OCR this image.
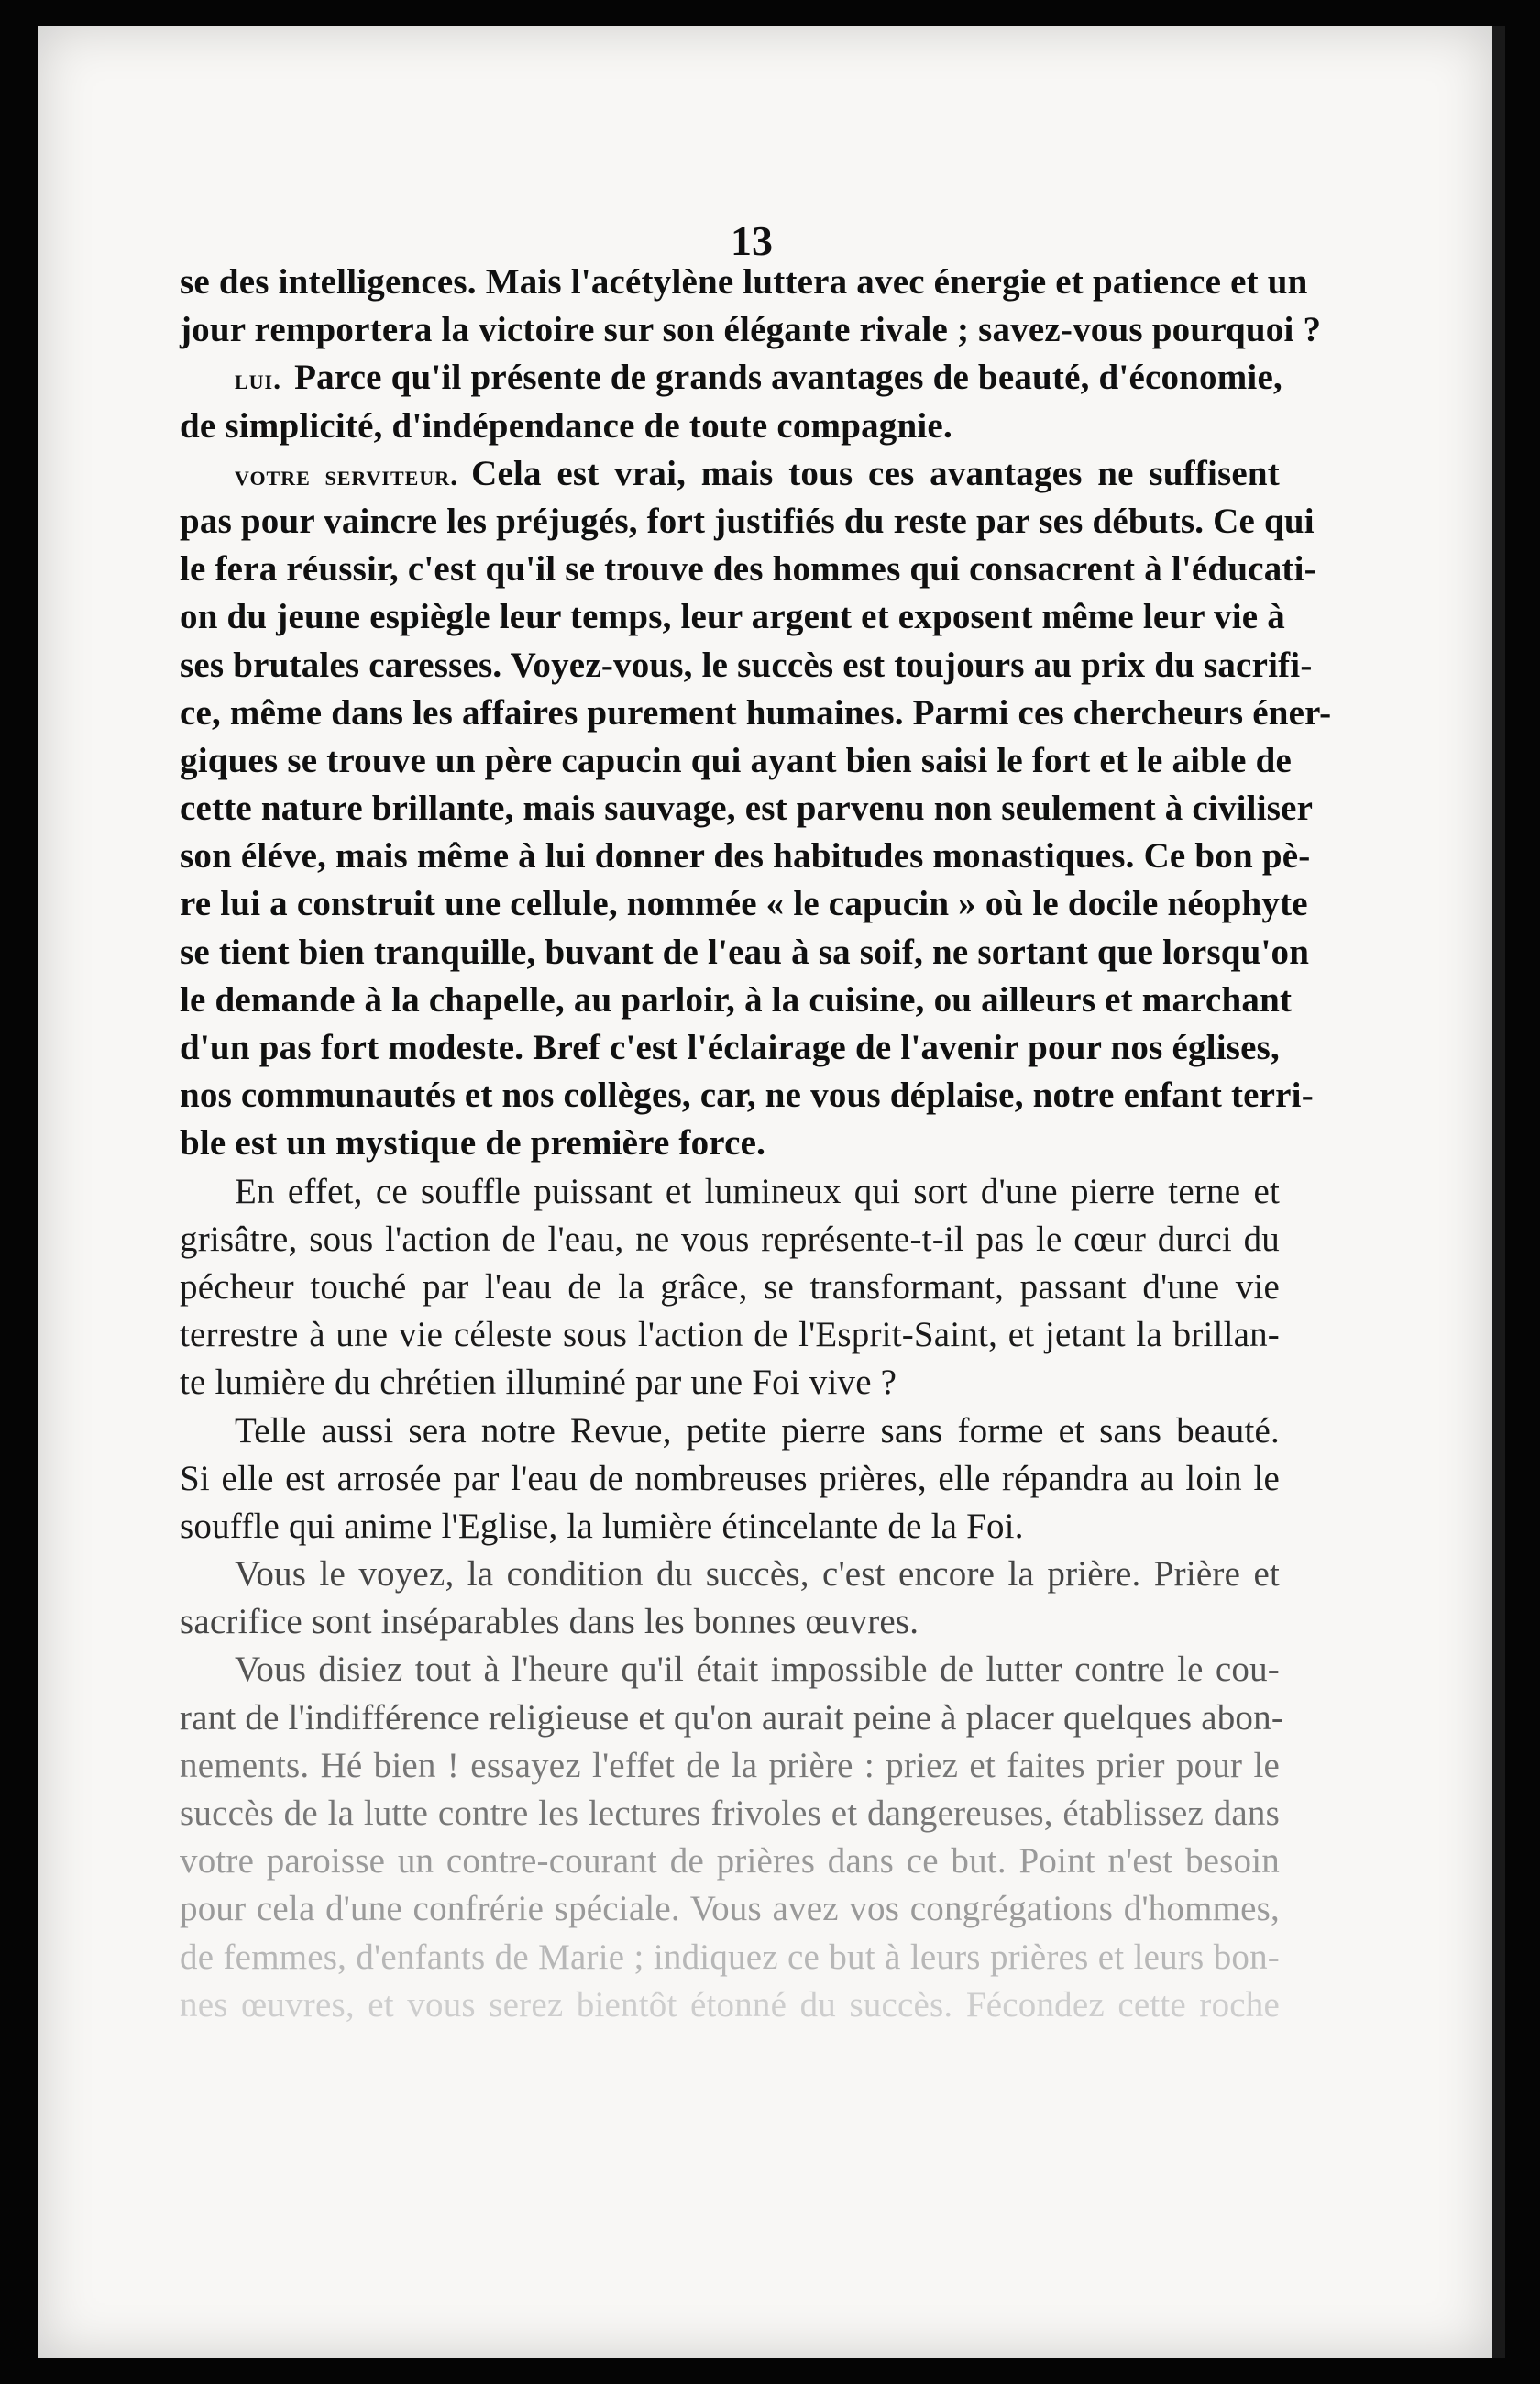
13
se des intelligences. Mais l'acétylène luttera avec énergie et patience et un
jour remportera la victoire sur son élégante rivale ; savez-vous pourquoi ?
lui. Parce qu'il présente de grands avantages de beauté, d'économie,
de simplicité, d'indépendance de toute compagnie.
votre serviteur. Cela est vrai, mais tous ces avantages ne suffisent
pas pour vaincre les préjugés, fort justifiés du reste par ses débuts. Ce qui
le fera réussir, c'est qu'il se trouve des hommes qui consacrent à l'éducati-
on du jeune espiègle leur temps, leur argent et exposent même leur vie à
ses brutales caresses. Voyez-vous, le succès est toujours au prix du sacrifi-
ce, même dans les affaires purement humaines. Parmi ces chercheurs éner-
giques se trouve un père capucin qui ayant bien saisi le fort et le aible de
cette nature brillante, mais sauvage, est parvenu non seulement à civiliser
son éléve, mais même à lui donner des habitudes monastiques. Ce bon pè-
re lui a construit une cellule, nommée « le capucin » où le docile néophyte
se tient bien tranquille, buvant de l'eau à sa soif, ne sortant que lorsqu'on
le demande à la chapelle, au parloir, à la cuisine, ou ailleurs et marchant
d'un pas fort modeste. Bref c'est l'éclairage de l'avenir pour nos églises,
nos communautés et nos collèges, car, ne vous déplaise, notre enfant terri-
ble est un mystique de première force.
En effet, ce souffle puissant et lumineux qui sort d'une pierre terne et
grisâtre, sous l'action de l'eau, ne vous représente-t-il pas le cœur durci du
pécheur touché par l'eau de la grâce, se transformant, passant d'une vie
terrestre à une vie céleste sous l'action de l'Esprit-Saint, et jetant la brillan-
te lumière du chrétien illuminé par une Foi vive ?
Telle aussi sera notre Revue, petite pierre sans forme et sans beauté.
Si elle est arrosée par l'eau de nombreuses prières, elle répandra au loin le
souffle qui anime l'Eglise, la lumière étincelante de la Foi.
Vous le voyez, la condition du succès, c'est encore la prière. Prière et
sacrifice sont inséparables dans les bonnes œuvres.
Vous disiez tout à l'heure qu'il était impossible de lutter contre le cou-
rant de l'indifférence religieuse et qu'on aurait peine à placer quelques abon-
nements. Hé bien ! essayez l'effet de la prière : priez et faites prier pour le
succès de la lutte contre les lectures frivoles et dangereuses, établissez dans
votre paroisse un contre-courant de prières dans ce but. Point n'est besoin
pour cela d'une confrérie spéciale. Vous avez vos congrégations d'hommes,
de femmes, d'enfants de Marie ; indiquez ce but à leurs prières et leurs bon-
nes œuvres, et vous serez bientôt étonné du succès. Fécondez cette roche
